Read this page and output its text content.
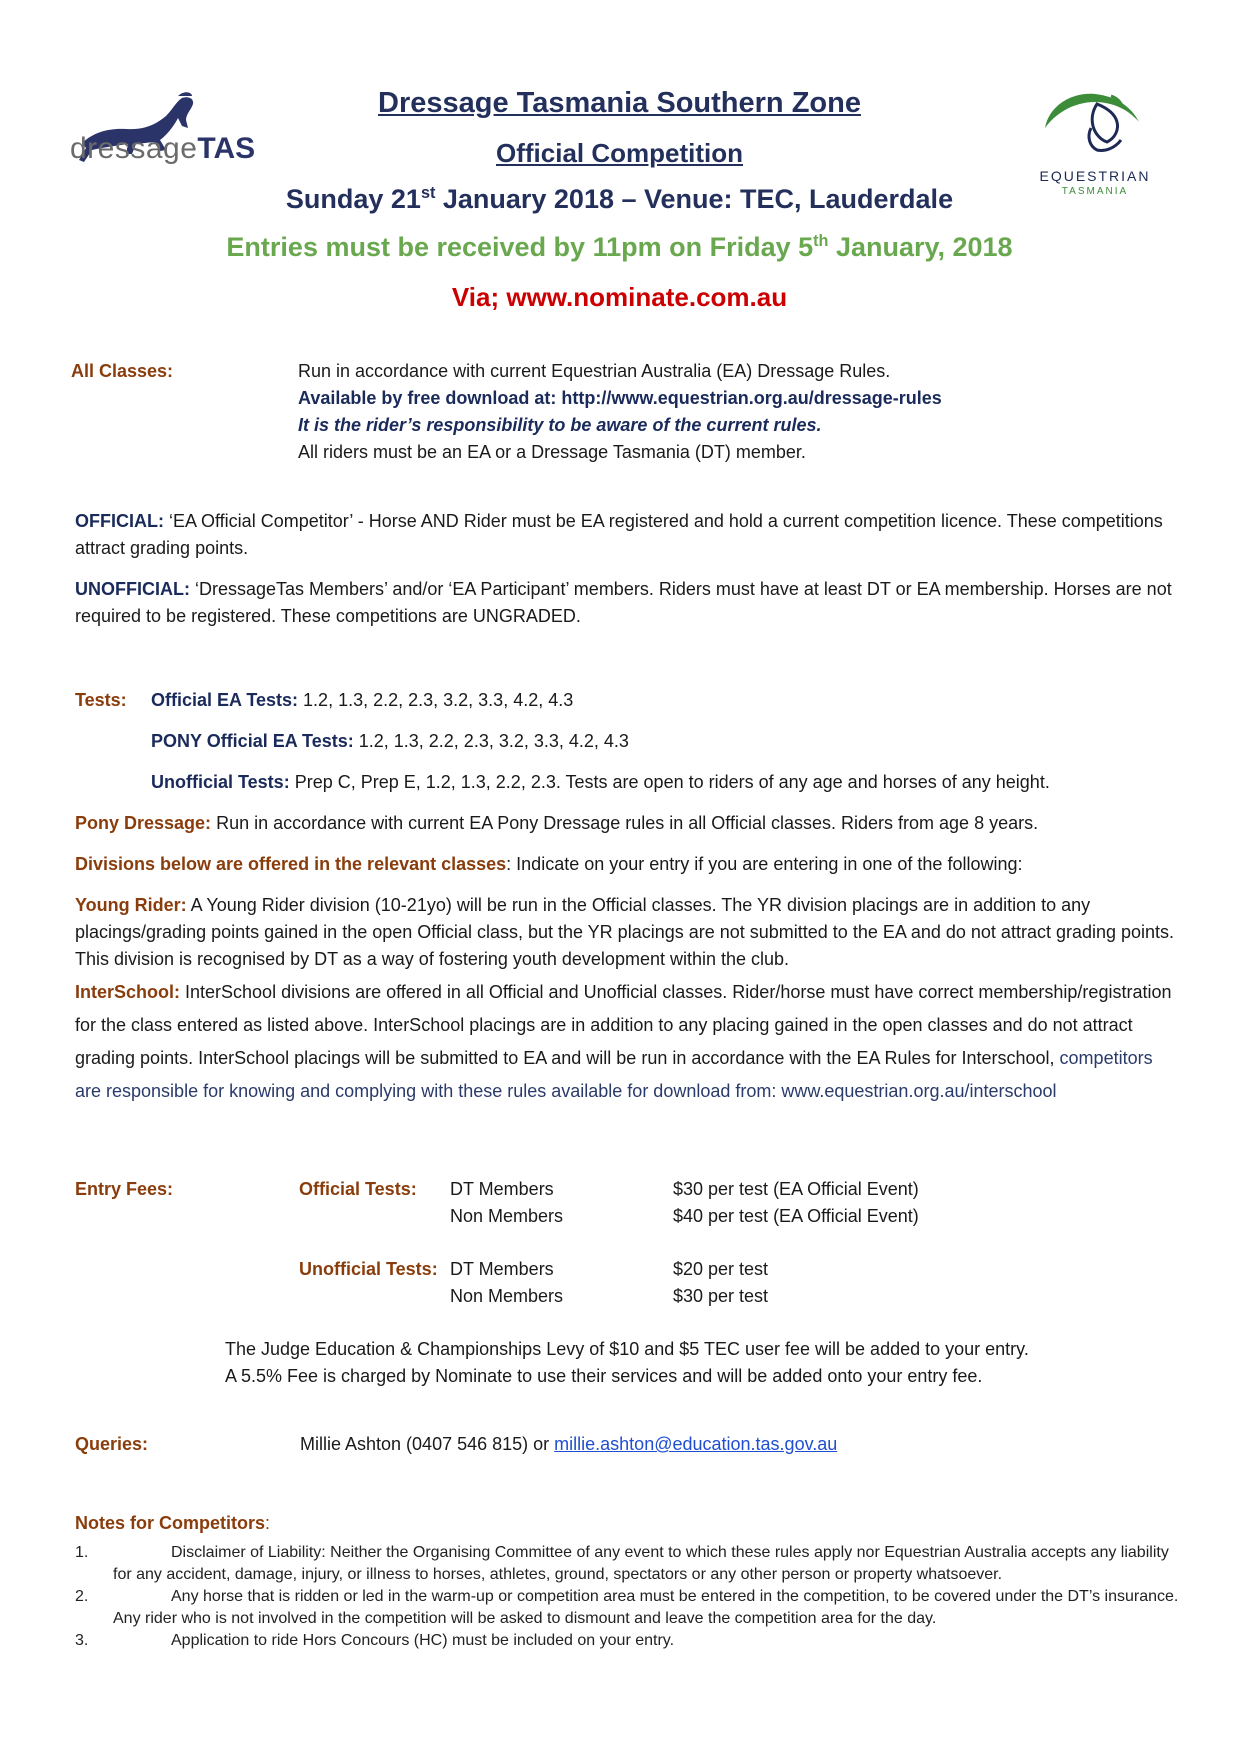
dressageTAS
EQUESTRIAN
TASMANIA
Dressage Tasmania Southern Zone
Official Competition
Sunday 21st January 2018 – Venue: TEC, Lauderdale
Entries must be received by 11pm on Friday 5th January, 2018
Via; www.nominate.com.au
All Classes:	Run in accordance with current Equestrian Australia (EA) Dressage Rules.
Available by free download at: http://www.equestrian.org.au/dressage-rules
It is the rider’s responsibility to be aware of the current rules.
All riders must be an EA or a Dressage Tasmania (DT) member.
OFFICIAL: ‘EA Official Competitor’ - Horse AND Rider must be EA registered and hold a current competition licence. These competitions attract grading points.
UNOFFICIAL: ‘DressageTas Members’ and/or ‘EA Participant’ members. Riders must have at least DT or EA membership. Horses are not required to be registered. These competitions are UNGRADED.
Tests: Official EA Tests: 1.2, 1.3, 2.2, 2.3, 3.2, 3.3, 4.2, 4.3
PONY Official EA Tests: 1.2, 1.3, 2.2, 2.3, 3.2, 3.3, 4.2, 4.3
Unofficial Tests: Prep C, Prep E, 1.2, 1.3, 2.2, 2.3. Tests are open to riders of any age and horses of any height.
Pony Dressage: Run in accordance with current EA Pony Dressage rules in all Official classes. Riders from age 8 years.
Divisions below are offered in the relevant classes: Indicate on your entry if you are entering in one of the following:
Young Rider: A Young Rider division (10-21yo) will be run in the Official classes. The YR division placings are in addition to any placings/grading points gained in the open Official class, but the YR placings are not submitted to the EA and do not attract grading points. This division is recognised by DT as a way of fostering youth development within the club.
InterSchool: InterSchool divisions are offered in all Official and Unofficial classes. Rider/horse must have correct membership/registration for the class entered as listed above. InterSchool placings are in addition to any placing gained in the open classes and do not attract grading points. InterSchool placings will be submitted to EA and will be run in accordance with the EA Rules for Interschool, competitors are responsible for knowing and complying with these rules available for download from: www.equestrian.org.au/interschool
Entry Fees:	Official Tests: DT Members	$30 per test (EA Official Event)
Non Members	$40 per test (EA Official Event)
Unofficial Tests: DT Members	$20 per test
Non Members	$30 per test
The Judge Education & Championships Levy of $10 and $5 TEC user fee will be added to your entry.
A 5.5% Fee is charged by Nominate to use their services and will be added onto your entry fee.
Queries:	Millie Ashton (0407 546 815) or millie.ashton@education.tas.gov.au
Notes for Competitors:
1.	Disclaimer of Liability: Neither the Organising Committee of any event to which these rules apply nor Equestrian Australia accepts any liability for any accident, damage, injury, or illness to horses, athletes, ground, spectators or any other person or property whatsoever.
2.	Any horse that is ridden or led in the warm-up or competition area must be entered in the competition, to be covered under the DT’s insurance. Any rider who is not involved in the competition will be asked to dismount and leave the competition area for the day.
3.	Application to ride Hors Concours (HC) must be included on your entry.
